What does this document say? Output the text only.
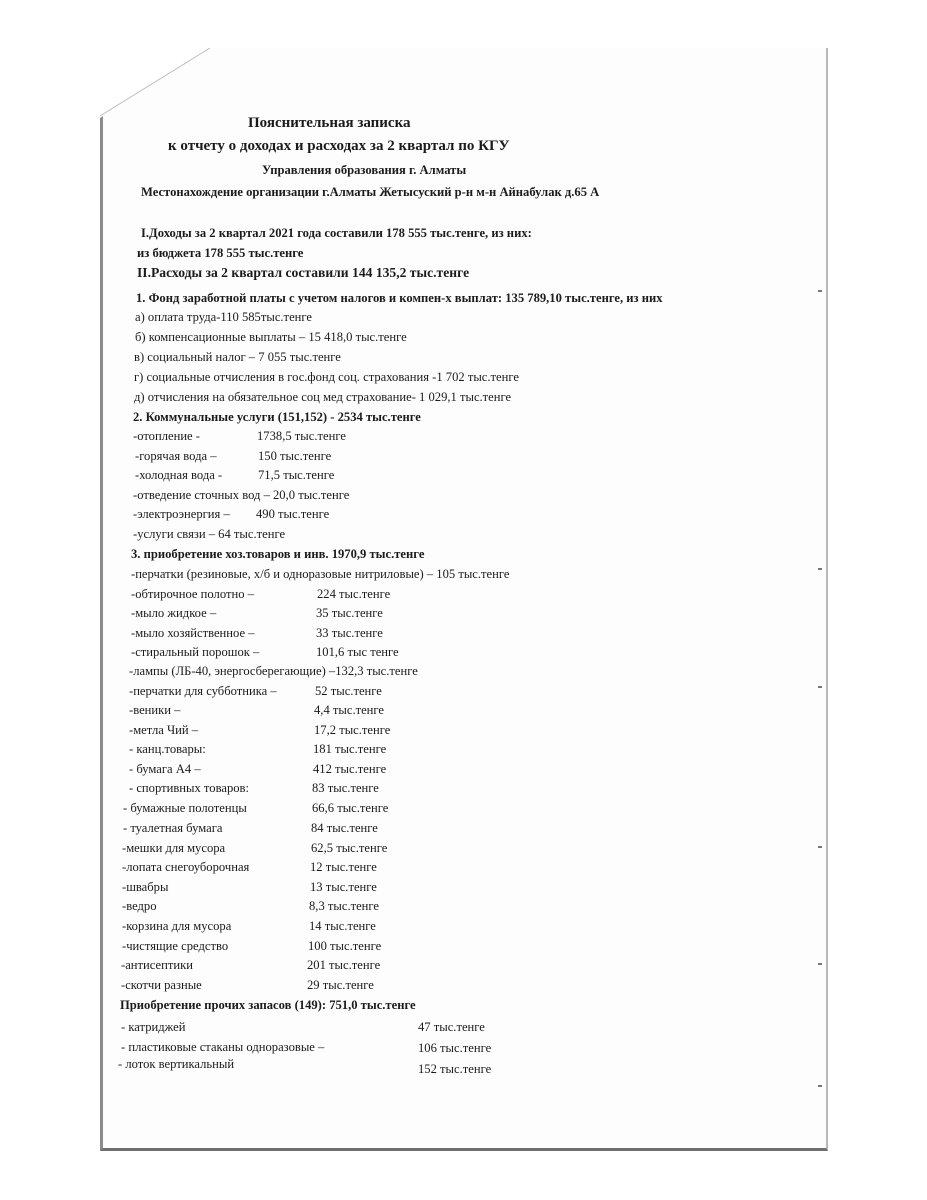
Пояснительная записка
к отчету о доходах и расходах за 2 квартал по КГУ
Управления образования г. Алматы
Местонахождение организации г.Алматы Жетысуский р-н м-н Айнабулак д.65 А
I.Доходы за 2 квартал 2021 года составили 178 555 тыс.тенге, из них:
из бюджета 178 555 тыс.тенге
II.Расходы за 2 квартал составили 144 135,2 тыс.тенге
1. Фонд заработной платы с учетом налогов и компен-х выплат: 135 789,10 тыс.тенге, из них
а) оплата труда-110 585тыс.тенге
б) компенсационные выплаты – 15 418,0 тыс.тенге
в) социальный налог – 7 055 тыс.тенге
г) социальные отчисления в гос.фонд соц. страхования -1 702 тыс.тенге
д) отчисления на обязательное соц мед страхование- 1 029,1 тыс.тенге
2. Коммунальные услуги (151,152) - 2534 тыс.тенге
-отопление -	1738,5 тыс.тенге
-горячая вода –	150 тыс.тенге
-холодная вода -	71,5 тыс.тенге
-отведение сточных вод – 20,0 тыс.тенге
-электроэнергия – 490 тыс.тенге
-услуги связи – 64 тыс.тенге
3. приобретение хоз.товаров и инв. 1970,9 тыс.тенге
-перчатки (резиновые, х/б и одноразовые нитриловые) – 105 тыс.тенге
-обтирочное полотно –	224 тыс.тенге
-мыло жидкое –	35 тыс.тенге
-мыло хозяйственное –	33 тыс.тенге
-стиральный порошок –	101,6 тыс тенге
-лампы (ЛБ-40, энергосберегающие) –132,3 тыс.тенге
-перчатки для субботника –	52 тыс.тенге
-веники –	4,4 тыс.тенге
-метла Чий –	17,2 тыс.тенге
- канц.товары:	181 тыс.тенге
- бумага А4 –	412 тыс.тенге
- спортивных товаров:	83 тыс.тенге
- бумажные полотенцы	66,6 тыс.тенге
- туалетная бумага	84 тыс.тенге
-мешки для мусора	62,5 тыс.тенге
-лопата снегоуборочная	12 тыс.тенге
-швабры	13 тыс.тенге
-ведро	8,3 тыс.тенге
-корзина для мусора	14 тыс.тенге
-чистящие средство	100 тыс.тенге
-антисептики	201 тыс.тенге
-скотчи разные	29 тыс.тенге
Приобретение прочих запасов (149): 751,0 тыс.тенге
- катриджей	47 тыс.тенге
- пластиковые стаканы одноразовые –	106 тыс.тенге
- лоток вертикальный	152 тыс.тенге
